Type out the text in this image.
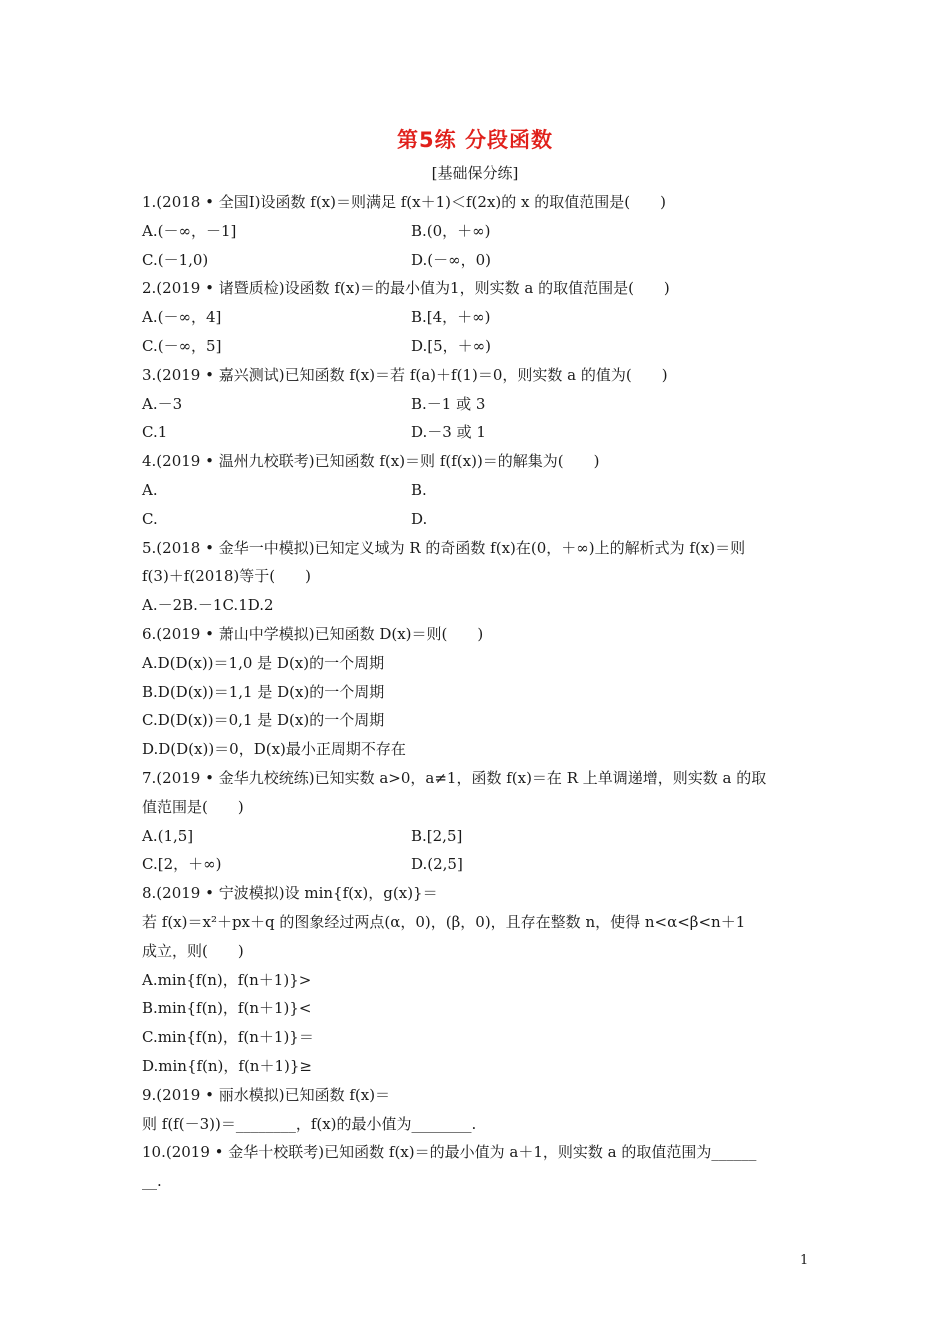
第5练 分段函数
[基础保分练]
1.(2018 • 全国Ⅰ)设函数 f(x)＝则满足 f(x＋1)＜f(2x)的 x 的取值范围是(　　)
A.(－∞，－1]	B.(0，＋∞)
C.(－1,0)	D.(－∞，0)
2.(2019 • 诸暨质检)设函数 f(x)＝的最小值为1，则实数 a 的取值范围是(　　)
A.(－∞，4]	B.[4，＋∞)
C.(－∞，5]	D.[5，＋∞)
3.(2019 • 嘉兴测试)已知函数 f(x)＝若 f(a)＋f(1)＝0，则实数 a 的值为(　　)
A.－3	B.－1 或 3
C.1	D.－3 或 1
4.(2019 • 温州九校联考)已知函数 f(x)＝则 f(f(x))＝的解集为(　　)
A.	B.
C.	D.
5.(2018 • 金华一中模拟)已知定义域为 R 的奇函数 f(x)在(0，＋∞)上的解析式为 f(x)＝则
f(3)＋f(2018)等于(　　)
A.－2B.－1C.1D.2
6.(2019 • 萧山中学模拟)已知函数 D(x)＝则(　　)
A.D(D(x))＝1,0 是 D(x)的一个周期
B.D(D(x))＝1,1 是 D(x)的一个周期
C.D(D(x))＝0,1 是 D(x)的一个周期
D.D(D(x))＝0，D(x)最小正周期不存在
7.(2019 • 金华九校统练)已知实数 a>0，a≠1，函数 f(x)＝在 R 上单调递增，则实数 a 的取
值范围是(　　)
A.(1,5]	B.[2,5]
C.[2，＋∞)	D.(2,5]
8.(2019 • 宁波模拟)设 min{f(x)，g(x)}＝
若 f(x)＝x²＋px＋q 的图象经过两点(α，0)，(β，0)，且存在整数 n，使得 n<α<β<n＋1
成立，则(　　)
A.min{f(n)，f(n＋1)}>
B.min{f(n)，f(n＋1)}<
C.min{f(n)，f(n＋1)}＝
D.min{f(n)，f(n＋1)}≥
9.(2019 • 丽水模拟)已知函数 f(x)＝
则 f(f(－3))＝________，f(x)的最小值为________.
10.(2019 • 金华十校联考)已知函数 f(x)＝的最小值为 a＋1，则实数 a 的取值范围为______
__.
1
